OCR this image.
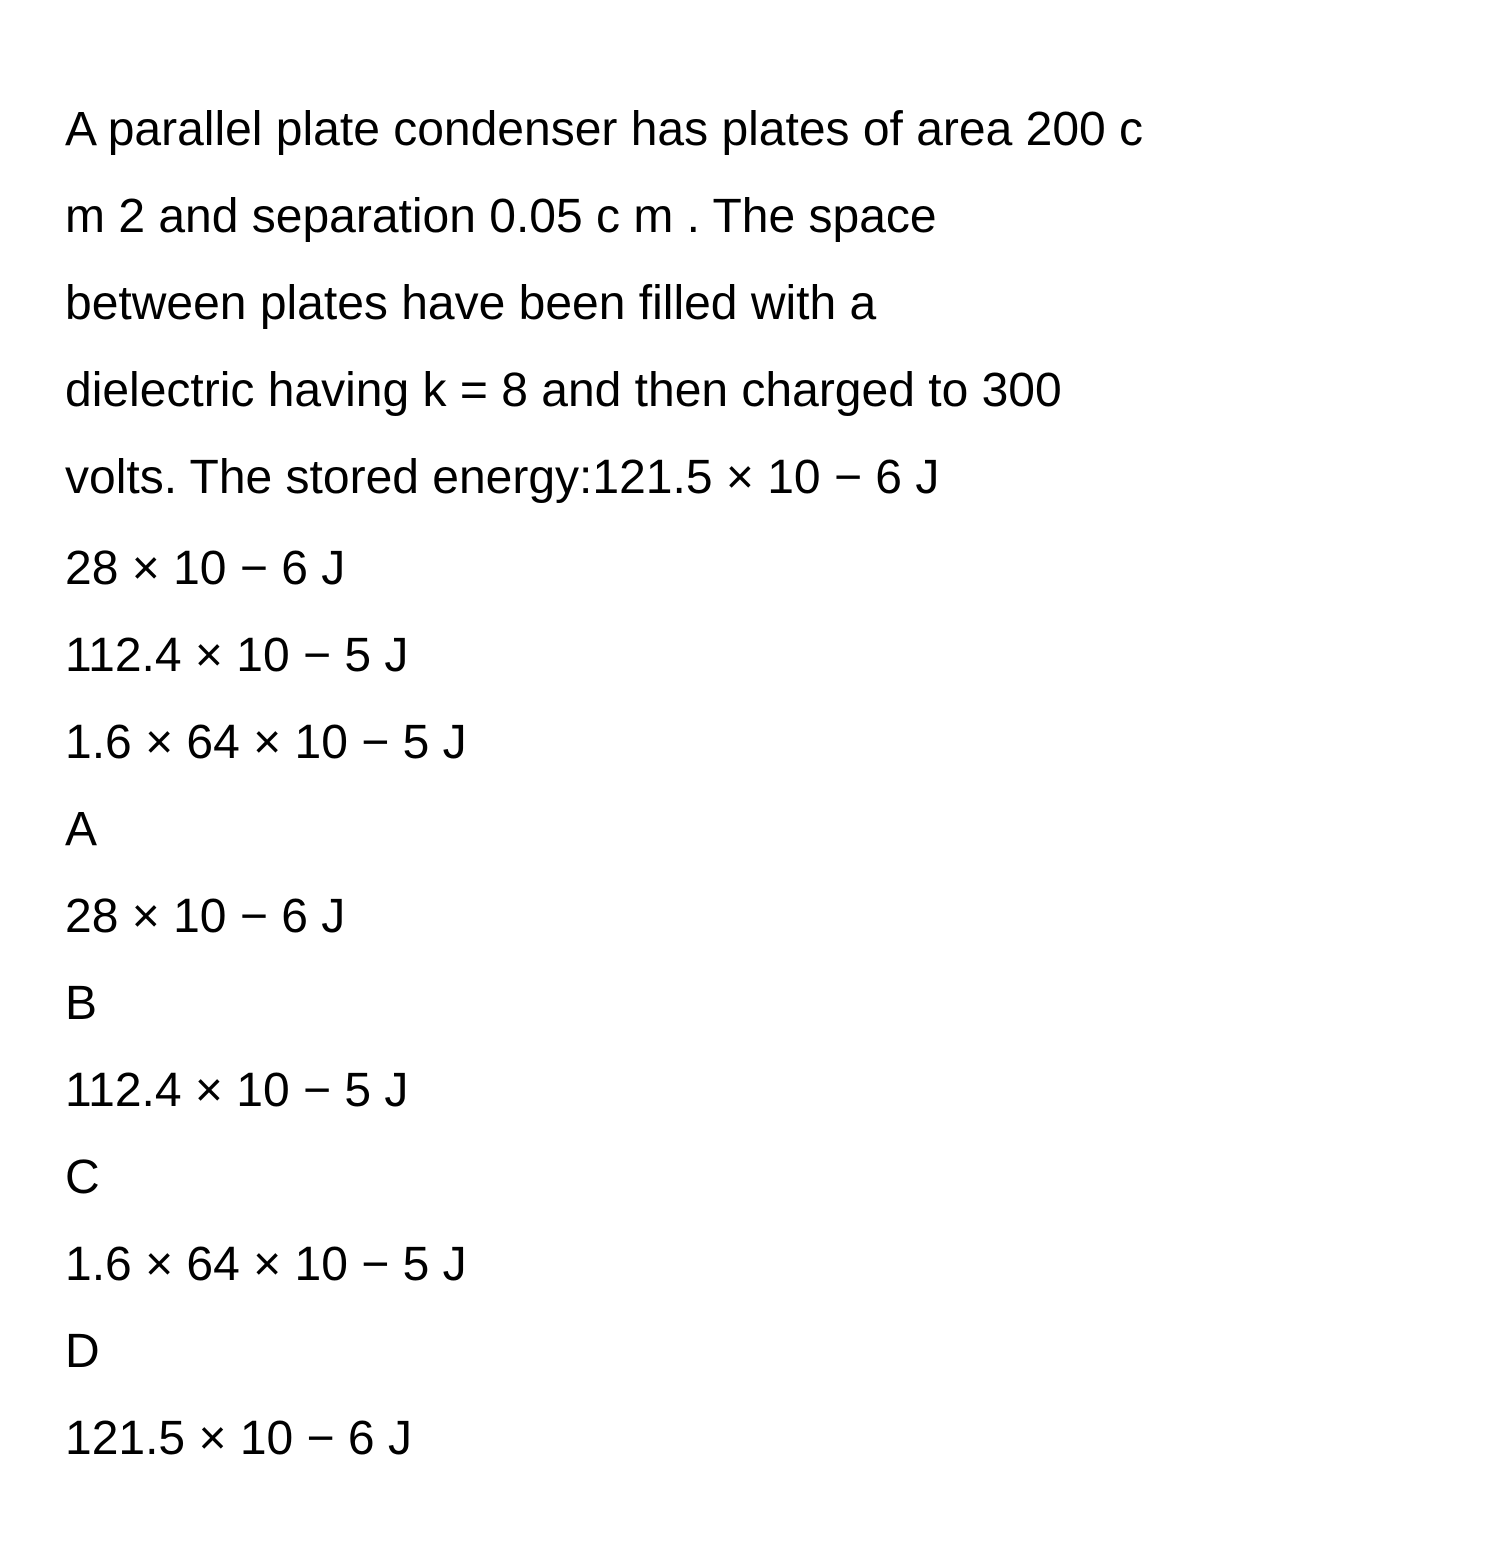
A parallel plate condenser has plates of area 200 c
m 2 and separation 0.05 c m . The space
between plates have been filled with a
dielectric having k = 8 and then charged to 300
volts. The stored energy:121.5 × 10 − 6 J
28 × 10 − 6 J
112.4 × 10 − 5 J
1.6 × 64 × 10 − 5 J
A
28 × 10 − 6 J
B
112.4 × 10 − 5 J
C
1.6 × 64 × 10 − 5 J
D
121.5 × 10 − 6 J
